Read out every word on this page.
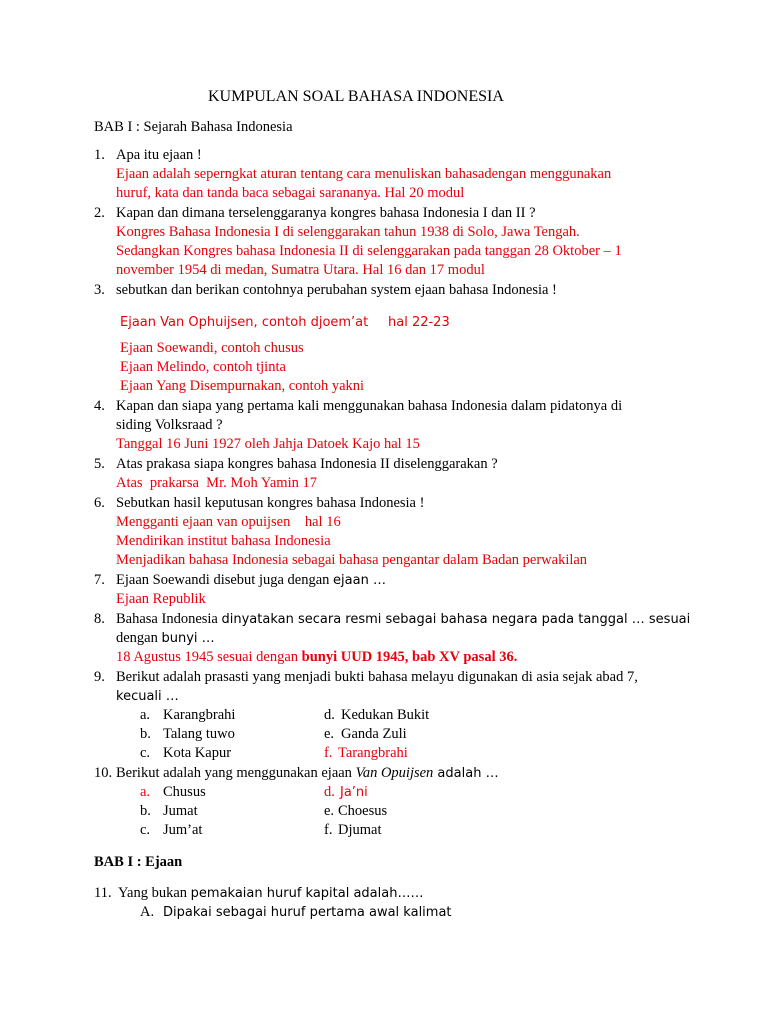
KUMPULAN SOAL BAHASA INDONESIA
BAB I : Sejarah Bahasa Indonesia
1. Apa itu ejaan !
Ejaan adalah seperngkat aturan tentang cara menuliskan bahasadengan menggunakan
huruf, kata dan tanda baca sebagai sarananya. Hal 20 modul
2. Kapan dan dimana terselenggaranya kongres bahasa Indonesia I dan II ?
Kongres Bahasa Indonesia I di selenggarakan tahun 1938 di Solo, Jawa Tengah.
Sedangkan Kongres bahasa Indonesia II di selenggarakan pada tanggan 28 Oktober – 1
november 1954 di medan, Sumatra Utara. Hal 16 dan 17 modul
3. sebutkan dan berikan contohnya perubahan system ejaan bahasa Indonesia !
Ejaan Van Ophuijsen, contoh djoem’at hal 22-23
Ejaan Soewandi, contoh chusus
Ejaan Melindo, contoh tjinta
Ejaan Yang Disempurnakan, contoh yakni
4. Kapan dan siapa yang pertama kali menggunakan bahasa Indonesia dalam pidatonya di
siding Volksraad ?
Tanggal 16 Juni 1927 oleh Jahja Datoek Kajo hal 15
5. Atas prakasa siapa kongres bahasa Indonesia II diselenggarakan ?
Atas  prakarsa  Mr. Moh Yamin 17
6. Sebutkan hasil keputusan kongres bahasa Indonesia !
Mengganti ejaan van opuijsen    hal 16
Mendirikan institut bahasa Indonesia
Menjadikan bahasa Indonesia sebagai bahasa pengantar dalam Badan perwakilan
7. Ejaan Soewandi disebut juga dengan ejaan …
Ejaan Republik
8. Bahasa Indonesia dinyatakan secara resmi sebagai bahasa negara pada tanggal … sesuai
dengan bunyi …
18 Agustus 1945 sesuai dengan bunyi UUD 1945, bab XV pasal 36.
9. Berikut adalah prasasti yang menjadi bukti bahasa melayu digunakan di asia sejak abad 7,
kecuali …
a. Karangbrahi
b. Talang tuwo
c. Kota Kapur
d. Kedukan Bukit
e. Ganda Zuli
f. Tarangbrahi
10. Berikut adalah yang menggunakan ejaan Van Opuijsen adalah …
a. Chusus
b. Jumat
c. Jum’at
d. Ja’ni
e. Choesus
f. Djumat
BAB I : Ejaan
11. Yang bukan pemakaian huruf kapital adalah……
A. Dipakai sebagai huruf pertama awal kalimat
